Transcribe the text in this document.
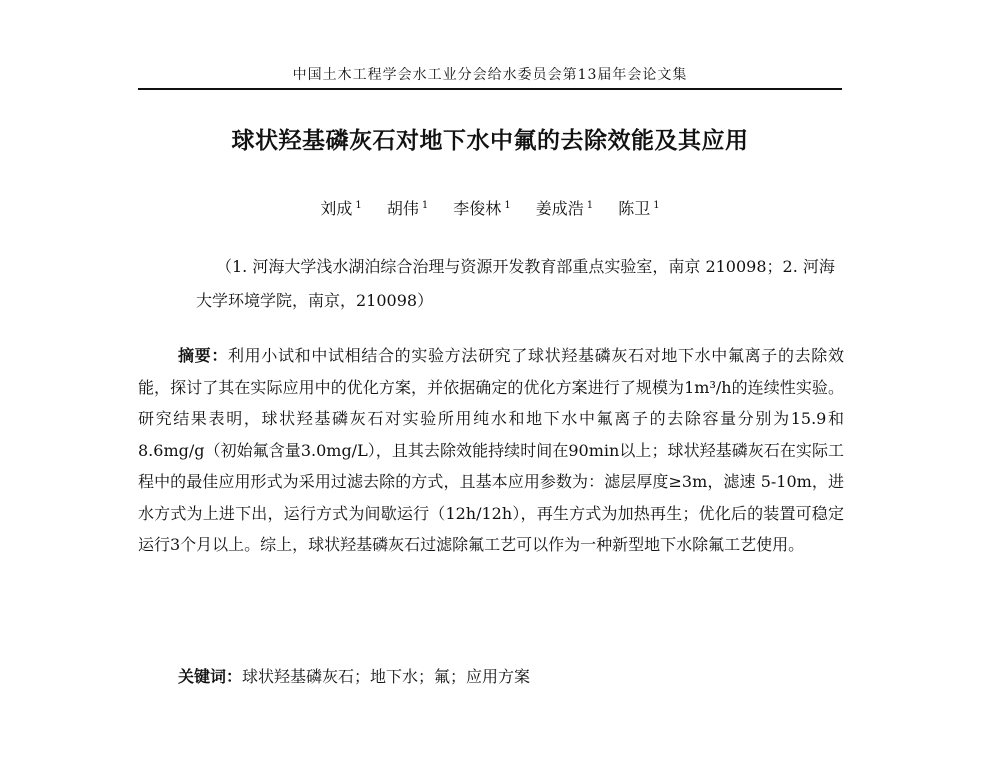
中国土木工程学会水工业分会给水委员会第13届年会论文集
球状羟基磷灰石对地下水中氟的去除效能及其应用
刘成 $^1$ 胡伟 $^1$ 李俊林 $^1$ 姜成浩 $^1$ 陈卫 $^1$
（1. 河海大学浅水湖泊综合治理与资源开发教育部重点实验室，南京 210098；2. 河海大学环境学院，南京，210098）
摘要：利用小试和中试相结合的实验方法研究了球状羟基磷灰石对地下水中氟离子的去除效能，探讨了其在实际应用中的优化方案，并依据确定的优化方案进行了规模为1m³/h的连续性实验。研究结果表明，球状羟基磷灰石对实验所用纯水和地下水中氟离子的去除容量分别为15.9和8.6mg/g（初始氟含量3.0mg/L），且其去除效能持续时间在90min以上；球状羟基磷灰石在实际工程中的最佳应用形式为采用过滤去除的方式，且基本应用参数为：滤层厚度≥3m，滤速 5-10m，进水方式为上进下出，运行方式为间歇运行（12h/12h），再生方式为加热再生；优化后的装置可稳定运行3个月以上。综上，球状羟基磷灰石过滤除氟工艺可以作为一种新型地下水除氟工艺使用。
关键词：球状羟基磷灰石；地下水；氟；应用方案
